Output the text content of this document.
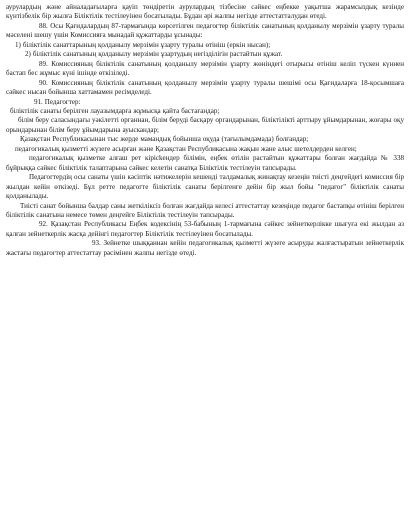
аурулардың және айналадағыларға қауіп төндіретін аурулардың тізбесіне сәйкес еңбекке уақытша жарамсыздық кезінде күнтізбелік бір жылға Біліктілік тестілеуінен босатылады. Бұдан әрі жалпы негізде аттестатталудан өтеді.

88. Осы Қағидалардың 87-тармағында көрсетілген педагогтер біліктілік санатының қолданылу мерзімін ұзарту туралы мәселені шешу үшін Комиссияға мынадай құжаттарды ұсынады:

1) біліктілік санаттарының қолданылу мерзімін ұзарту туралы өтініш (еркін нысан);

2) біліктілік санатының қолданылу мерзімін ұзартудың негізділігін растайтын құжат.

89. Комиссияның біліктілік санатының қолданылу мерзімін ұзарту жөніндегі отырысы өтініш келіп түскен күннен бастап бес жұмыс күні ішінде өткізіледі.

90. Комиссияның біліктілік санатының қолданылу мерзімін ұзарту туралы шешімі осы Қағидаларға 18-қосымшаға сәйкес нысан бойынша хаттамамен ресімделеді.

91. Педагогтер:

біліктілік санаты берілген лауазымдарға жұмысқа қайта бастағандар;

білім беру саласындағы уәкілетті органнан, білім беруді басқару органдарынан, біліктілікті арттыру ұйымдарынан, жоғары оқу орындарынан білім беру ұйымдарына ауыскандар;

Қазақстан Республикасынан тыс жерде мамандық бойынша оқуда (тағылымдамада) болғандар;

педагогикалық қызметті жүзеге асырған және Қазақстан Республикасына жақын жане алыс шетелдерден келген;

педагогикалық қызметке алғаш рет кірісkендер білімін, еңбек өтілін растайтын құжаттары болған жағдайда № 338 бұйрыққа сәйкес біліктілік талаптарына сәйкес келетін санатқа Біліктілік тестілеуін тапсырады.

Педагогтердің осы санаты үшін кәсіптік нәтижелерін кешенді талдамалық жинақтау кезеңін тиісті деңгейдегі комиссия бір жылдан кейін өткізеді. Бұл ретте педагогте біліктілік санаты берілгенге дейін бір жыл бойы "педагог" біліктілік санаты қолданылады.

Тиісті санат бойынша балдар саны жеткіліксіз болған жағдайда келесі аттестаттау кезеңінде педагог бастапқы өтініш берілген біліктілік санатына немесе төмен деңгейге Біліктілік тестілеуін тапсырады.

92. Қазақстан Республикасы Еңбек кодексінің 53-бабының 1-тармағына сәйкес зейнеткерлікке шығуға екі жылдан аз қалған зейнеткерлік жасқа дейінгі педагогтер Біліктілік тестілеуінен босатылады.

93. Зейнетке шыққаннан кейін педагогикалық қызметті жүзеге асыруды жалғастыратын зейнеткерлік жастағы педагогтер аттестаттау рәсімінен жалпы негізде өтеді.
